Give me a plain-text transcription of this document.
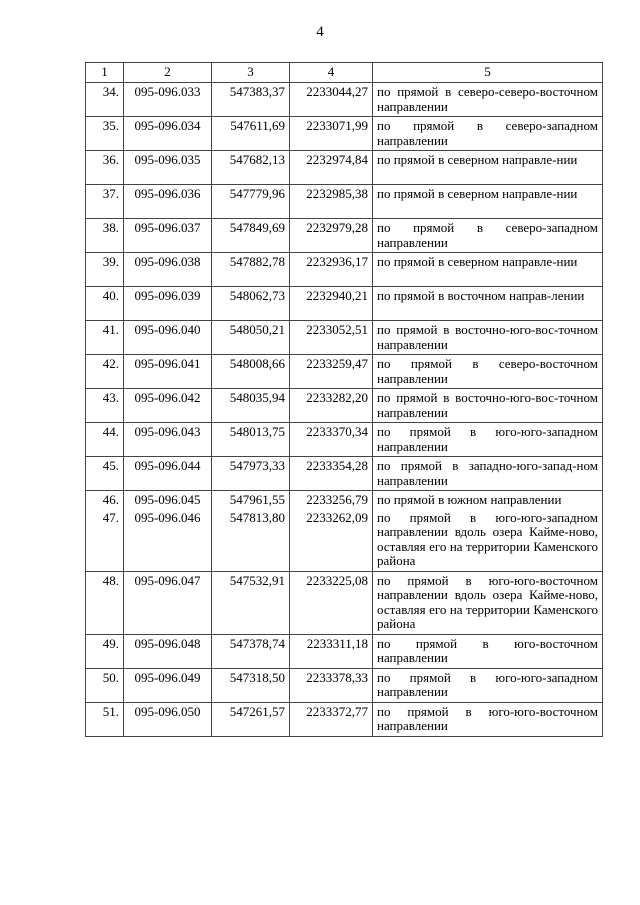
4
1	2	3	4	5
34.	095-096.033	547383,37	2233044,27	по прямой в северо-северо-восточном направлении
35.	095-096.034	547611,69	2233071,99	по прямой в северо-западном направлении
36.	095-096.035	547682,13	2232974,84	по прямой в северном направле-нии
37.	095-096.036	547779,96	2232985,38	по прямой в северном направле-нии
38.	095-096.037	547849,69	2232979,28	по прямой в северо-западном направлении
39.	095-096.038	547882,78	2232936,17	по прямой в северном направле-нии
40.	095-096.039	548062,73	2232940,21	по прямой в восточном направ-лении
41.	095-096.040	548050,21	2233052,51	по прямой в восточно-юго-вос-точном направлении
42.	095-096.041	548008,66	2233259,47	по прямой в северо-восточном направлении
43.	095-096.042	548035,94	2233282,20	по прямой в восточно-юго-вос-точном направлении
44.	095-096.043	548013,75	2233370,34	по прямой в юго-юго-западном направлении
45.	095-096.044	547973,33	2233354,28	по прямой в западно-юго-запад-ном направлении
46.	095-096.045	547961,55	2233256,79	по прямой в южном направлении
47.	095-096.046	547813,80	2233262,09	по прямой в юго-юго-западном направлении вдоль озера Кайме-ново, оставляя его на территории Каменского района
48.	095-096.047	547532,91	2233225,08	по прямой в юго-юго-восточном направлении вдоль озера Кайме-ново, оставляя его на территории Каменского района
49.	095-096.048	547378,74	2233311,18	по прямой в юго-восточном направлении
50.	095-096.049	547318,50	2233378,33	по прямой в юго-юго-западном направлении
51.	095-096.050	547261,57	2233372,77	по прямой в юго-юго-восточном направлении
